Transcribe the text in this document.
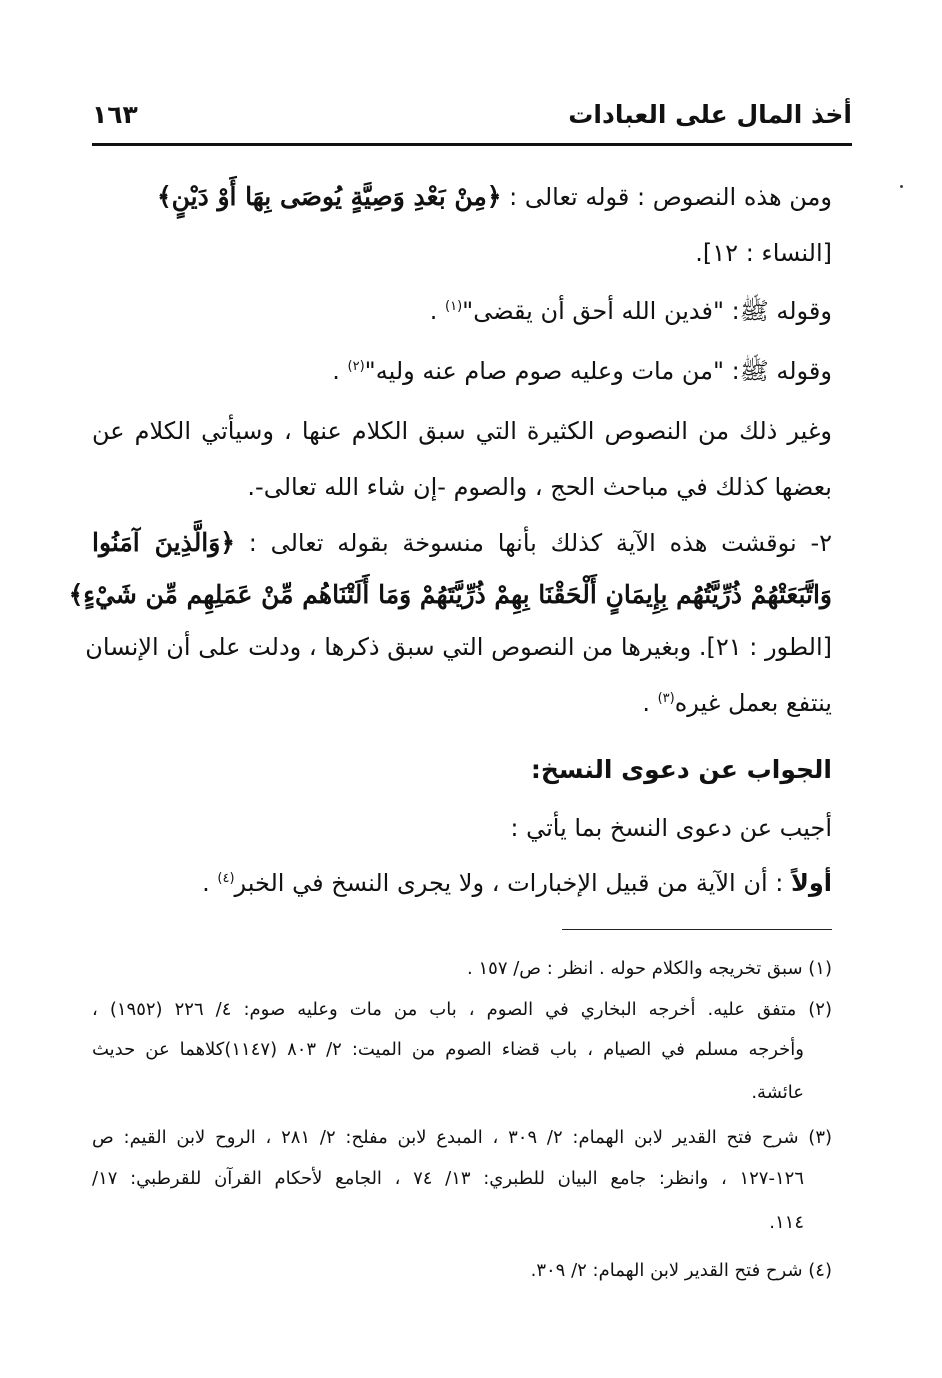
أخذ المال على العبادات
١٦٣
ومن هذه النصوص : قوله تعالى : ﴿مِنْ بَعْدِ وَصِيَّةٍ يُوصَى بِهَا أَوْ دَيْنٍ﴾
[النساء : ١٢].
وقوله ﷺ: "فدين الله أحق أن يقضى"$^{(١)}$ .
وقوله ﷺ: "من مات وعليه صوم صام عنه وليه"$^{(٢)}$ .
وغير ذلك من النصوص الكثيرة التي سبق الكلام عنها ، وسيأتي الكلام عن
بعضها كذلك في مباحث الحج ، والصوم -إن شاء الله تعالى-.
٢- نوقشت هذه الآية كذلك بأنها منسوخة بقوله تعالى : ﴿وَالَّذِينَ آمَنُوا
وَاتَّبَعَتْهُمْ ذُرِّيَّتُهُم بِإِيمَانٍ أَلْحَقْنَا بِهِمْ ذُرِّيَّتَهُمْ وَمَا أَلَتْنَاهُم مِّنْ عَمَلِهِم مِّن شَيْءٍ﴾
[الطور : ٢١]. وبغيرها من النصوص التي سبق ذكرها ، ودلت على أن الإنسان
ينتفع بعمل غيره$^{(٣)}$ .
الجواب عن دعوى النسخ:
أجيب عن دعوى النسخ بما يأتي :
أولاً : أن الآية من قبيل الإخبارات ، ولا يجرى النسخ في الخبر$^{(٤)}$ .
(١) سبق تخريجه والكلام حوله . انظر : ص/ ١٥٧ .
(٢) متفق عليه. أخرجه البخاري في الصوم ، باب من مات وعليه صوم: ٤/ ٢٢٦ (١٩٥٢) ،
وأخرجه مسلم في الصيام ، باب قضاء الصوم من الميت: ٢/ ٨٠٣ (١١٤٧)كلاهما عن حديث
عائشة.
(٣) شرح فتح القدير لابن الهمام: ٢/ ٣٠٩ ، المبدع لابن مفلح: ٢/ ٢٨١ ، الروح لابن القيم: ص
١٢٦-١٢٧ ، وانظر: جامع البيان للطبري: ١٣/ ٧٤ ، الجامع لأحكام القرآن للقرطبي: ١٧/
١١٤.
(٤) شرح فتح القدير لابن الهمام: ٢/ ٣٠٩.
